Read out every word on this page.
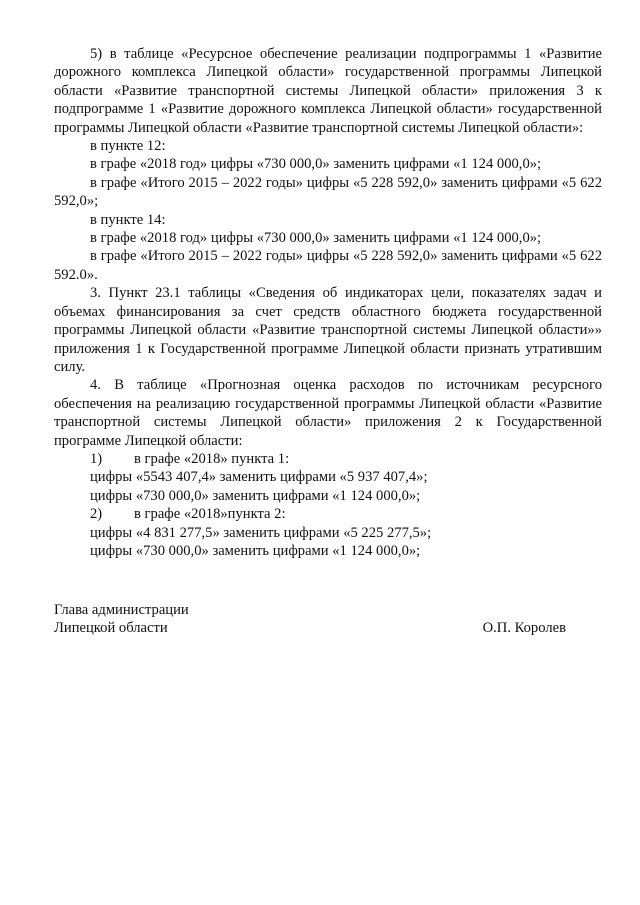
5) в таблице «Ресурсное обеспечение реализации подпрограммы 1 «Развитие дорожного комплекса Липецкой области» государственной программы Липецкой области «Развитие транспортной системы Липецкой области» приложения 3 к подпрограмме 1 «Развитие дорожного комплекса Липецкой области» государственной программы Липецкой области «Развитие транспортной системы Липецкой области»:

в пункте 12:

в графе «2018 год» цифры «730 000,0» заменить цифрами «1 124 000,0»;

в графе «Итого 2015 – 2022 годы» цифры «5 228 592,0» заменить цифрами «5 622 592,0»;

в пункте 14:

в графе «2018 год» цифры «730 000,0» заменить цифрами «1 124 000,0»;

в графе «Итого 2015 – 2022 годы» цифры «5 228 592,0» заменить цифрами «5 622 592.0».

3. Пункт 23.1 таблицы «Сведения об индикаторах цели, показателях задач и объемах финансирования за счет средств областного бюджета государственной программы Липецкой области «Развитие транспортной системы Липецкой области»» приложения 1 к Государственной программе Липецкой области признать утратившим силу.

4. В таблице «Прогнозная оценка расходов по источникам ресурсного обеспечения на реализацию государственной программы Липецкой области «Развитие транспортной системы Липецкой области» приложения 2 к Государственной программе Липецкой области:

1) в графе «2018» пункта 1:

цифры «5543 407,4» заменить цифрами «5 937 407,4»;

цифры «730 000,0» заменить цифрами «1 124 000,0»;

2) в графе «2018»пункта 2:

цифры «4 831 277,5» заменить цифрами «5 225 277,5»;

цифры «730 000,0» заменить цифрами «1 124 000,0»;

Глава администрации
Липецкой области	О.П. Королев
